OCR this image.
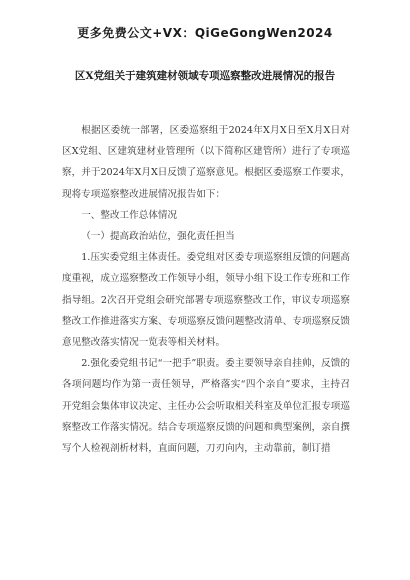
更多免费公文+VX：QiGeGongWen2024
区X党组关于建筑建材领域专项巡察整改进展情况的报告

根据区委统一部署，区委巡察组于2024年X月X日至X月X日对区X党组、区建筑建材业管理所（以下简称区建管所）进行了专项巡察，并于2024年X月X日反馈了巡察意见。根据区委巡察工作要求，现将专项巡察整改进展情况报告如下：

一、整改工作总体情况

（一）提高政治站位，强化责任担当

1.压实委党组主体责任。委党组对区委专项巡察组反馈的问题高度重视，成立巡察整改工作领导小组，领导小组下设工作专班和工作指导组。2次召开党组会研究部署专项巡察整改工作，审议专项巡察整改工作推进落实方案、专项巡察反馈问题整改清单、专项巡察反馈意见整改落实情况一览表等相关材料。

2.强化委党组书记“一把手”职责。委主要领导亲自挂帅，反馈的各项问题均作为第一责任领导，严格落实“四个亲自”要求，主持召开党组会集体审议决定、主任办公会听取相关科室及单位汇报专项巡察整改工作落实情况。结合专项巡察反馈的问题和典型案例，亲自撰写个人检视剖析材料，直面问题，刀刃向内，主动靠前，制订措
